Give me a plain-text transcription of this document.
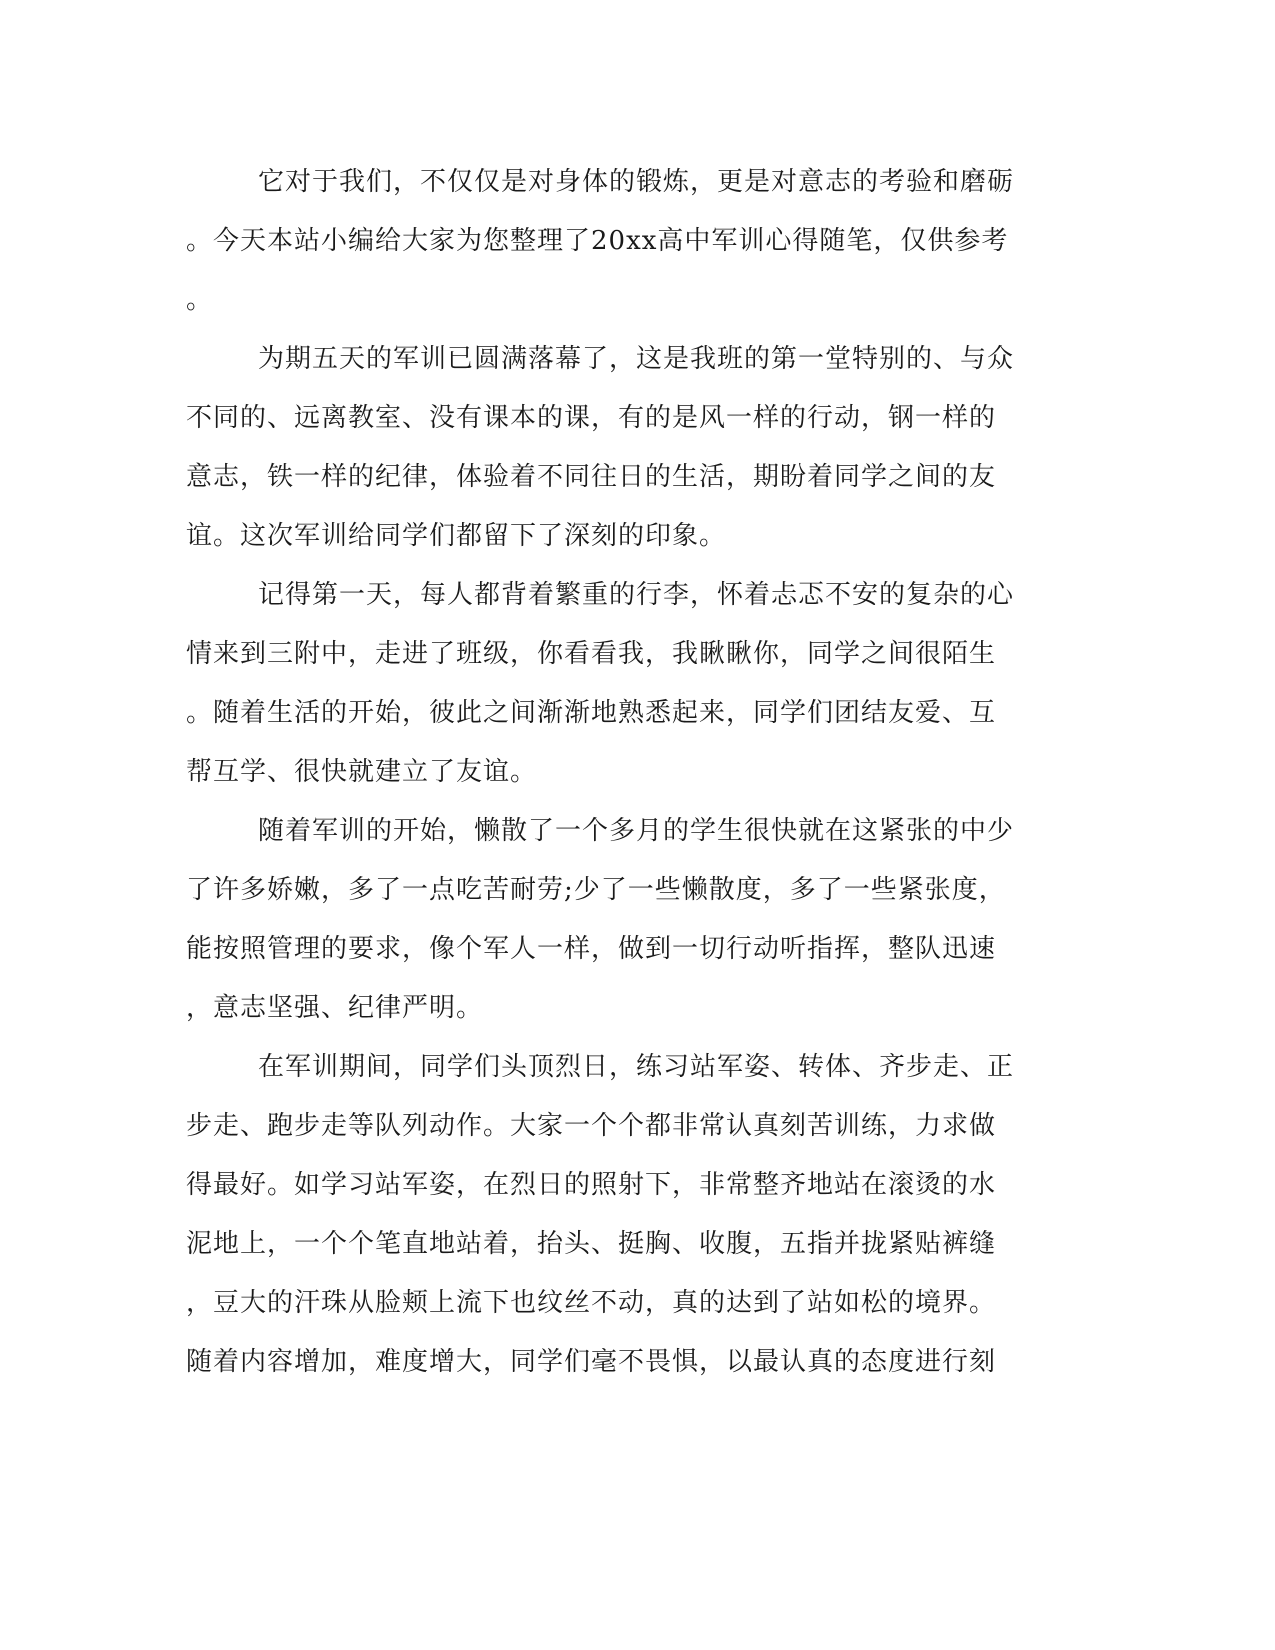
它对于我们，不仅仅是对身体的锻炼，更是对意志的考验和磨砺
。今天本站小编给大家为您整理了20xx高中军训心得随笔，仅供参考
。
为期五天的军训已圆满落幕了，这是我班的第一堂特别的、与众
不同的、远离教室、没有课本的课，有的是风一样的行动，钢一样的
意志，铁一样的纪律，体验着不同往日的生活，期盼着同学之间的友
谊。这次军训给同学们都留下了深刻的印象。
记得第一天，每人都背着繁重的行李，怀着忐忑不安的复杂的心
情来到三附中，走进了班级，你看看我，我瞅瞅你，同学之间很陌生
。随着生活的开始，彼此之间渐渐地熟悉起来，同学们团结友爱、互
帮互学、很快就建立了友谊。
随着军训的开始，懒散了一个多月的学生很快就在这紧张的中少
了许多娇嫩，多了一点吃苦耐劳;少了一些懒散度，多了一些紧张度，
能按照管理的要求，像个军人一样，做到一切行动听指挥，整队迅速
，意志坚强、纪律严明。
在军训期间，同学们头顶烈日，练习站军姿、转体、齐步走、正
步走、跑步走等队列动作。大家一个个都非常认真刻苦训练，力求做
得最好。如学习站军姿，在烈日的照射下，非常整齐地站在滚烫的水
泥地上，一个个笔直地站着，抬头、挺胸、收腹，五指并拢紧贴裤缝
，豆大的汗珠从脸颊上流下也纹丝不动，真的达到了站如松的境界。
随着内容增加，难度增大，同学们毫不畏惧，以最认真的态度进行刻
